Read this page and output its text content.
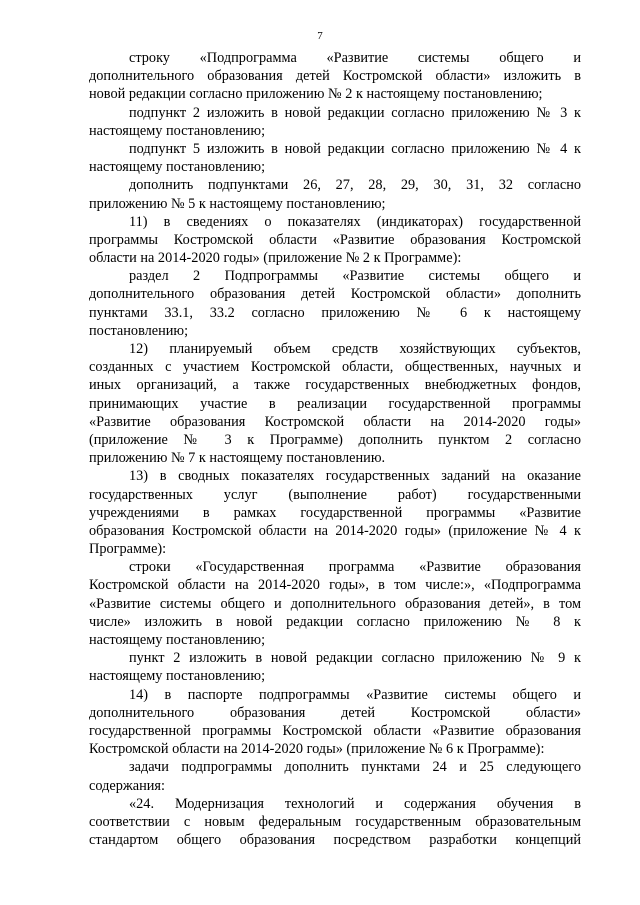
7
строку «Подпрограмма «Развитие системы общего и
дополнительного образования детей Костромской области» изложить в
новой редакции согласно приложению № 2 к настоящему постановлению;
подпункт 2 изложить в новой редакции согласно приложению № 3 к
настоящему постановлению;
подпункт 5 изложить в новой редакции согласно приложению № 4 к
настоящему постановлению;
дополнить подпунктами 26, 27, 28, 29, 30, 31, 32 согласно
приложению № 5 к настоящему постановлению;
11) в сведениях о показателях (индикаторах) государственной
программы Костромской области «Развитие образования Костромской
области на 2014-2020 годы» (приложение № 2 к Программе):
раздел 2 Подпрограммы «Развитие системы общего и
дополнительного образования детей Костромской области» дополнить
пунктами 33.1, 33.2 согласно приложению № 6 к настоящему
постановлению;
12) планируемый объем средств хозяйствующих субъектов,
созданных с участием Костромской области, общественных, научных и
иных организаций, а также государственных внебюджетных фондов,
принимающих участие в реализации государственной программы
«Развитие образования Костромской области на 2014-2020 годы»
(приложение № 3 к Программе) дополнить пунктом 2 согласно
приложению № 7 к настоящему постановлению.
13) в сводных показателях государственных заданий на оказание
государственных услуг (выполнение работ) государственными
учреждениями в рамках государственной программы «Развитие
образования Костромской области на 2014-2020 годы» (приложение № 4 к
Программе):
строки «Государственная программа «Развитие образования
Костромской области на 2014-2020 годы», в том числе:», «Подпрограмма
«Развитие системы общего и дополнительного образования детей», в том
числе» изложить в новой редакции согласно приложению № 8 к
настоящему постановлению;
пункт 2 изложить в новой редакции согласно приложению № 9 к
настоящему постановлению;
14) в паспорте подпрограммы «Развитие системы общего и
дополнительного образования детей Костромской области»
государственной программы Костромской области «Развитие образования
Костромской области на 2014-2020 годы» (приложение № 6 к Программе):
задачи подпрограммы дополнить пунктами 24 и 25 следующего
содержания:
«24. Модернизация технологий и содержания обучения в
соответствии с новым федеральным государственным образовательным
стандартом общего образования посредством разработки концепций
